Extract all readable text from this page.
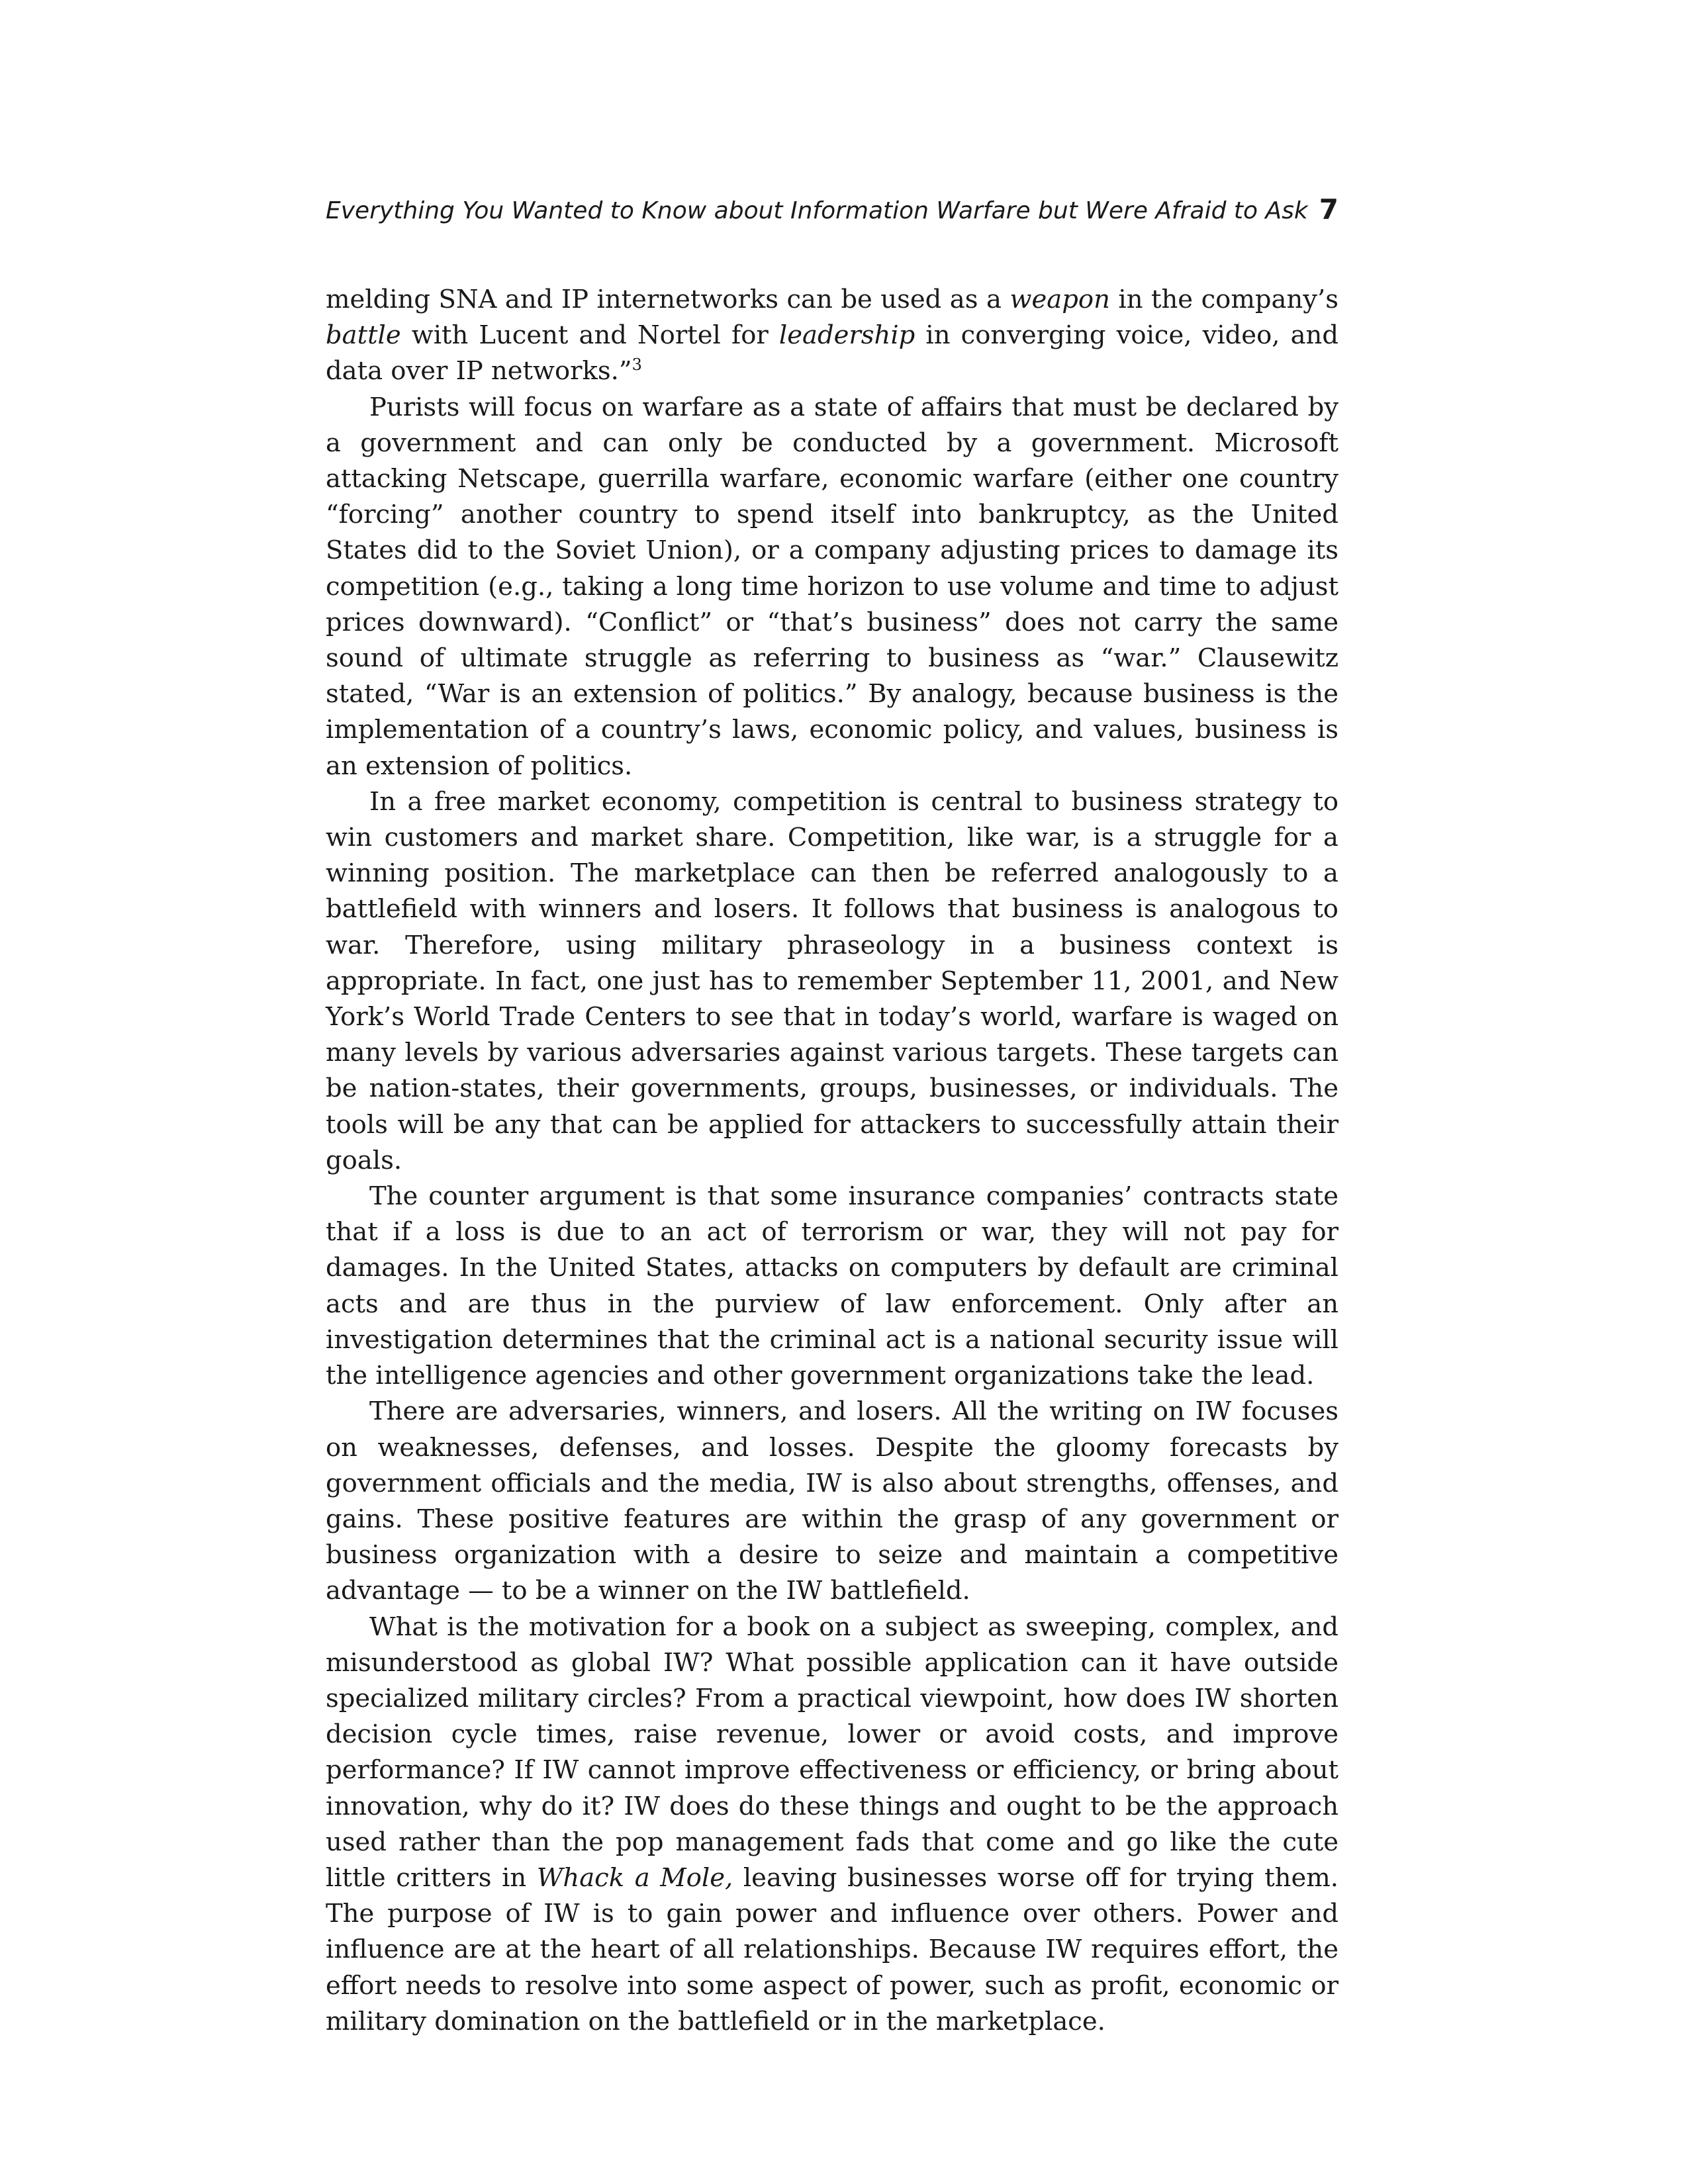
Everything You Wanted to Know about Information Warfare but Were Afraid to Ask 7

melding SNA and IP internetworks can be used as a weapon in the company’s battle with Lucent and Nortel for leadership in converging voice, video, and data over IP networks.”$^3$

Purists will focus on warfare as a state of affairs that must be declared by a government and can only be conducted by a government. Microsoft attacking Netscape, guerrilla warfare, economic warfare (either one country “forcing” another country to spend itself into bankruptcy, as the United States did to the Soviet Union), or a company adjusting prices to damage its competition (e.g., taking a long time horizon to use volume and time to adjust prices downward). “Conflict” or “that’s business” does not carry the same sound of ultimate struggle as referring to business as “war.” Clausewitz stated, “War is an extension of politics.” By analogy, because business is the implementation of a country’s laws, economic policy, and values, business is an extension of politics.

In a free market economy, competition is central to business strategy to win customers and market share. Competition, like war, is a struggle for a winning position. The marketplace can then be referred analogously to a battlefield with winners and losers. It follows that business is analogous to war. Therefore, using military phraseology in a business context is appropriate. In fact, one just has to remember September 11, 2001, and New York’s World Trade Centers to see that in today’s world, warfare is waged on many levels by various adversaries against various targets. These targets can be nation-states, their governments, groups, businesses, or individuals. The tools will be any that can be applied for attackers to successfully attain their goals.

The counter argument is that some insurance companies’ contracts state that if a loss is due to an act of terrorism or war, they will not pay for damages. In the United States, attacks on computers by default are criminal acts and are thus in the purview of law enforcement. Only after an investigation determines that the criminal act is a national security issue will the intelligence agencies and other government organizations take the lead.

There are adversaries, winners, and losers. All the writing on IW focuses on weaknesses, defenses, and losses. Despite the gloomy forecasts by government officials and the media, IW is also about strengths, offenses, and gains. These positive features are within the grasp of any government or business organization with a desire to seize and maintain a competitive advantage — to be a winner on the IW battlefield.

What is the motivation for a book on a subject as sweeping, complex, and misunderstood as global IW? What possible application can it have outside specialized military circles? From a practical viewpoint, how does IW shorten decision cycle times, raise revenue, lower or avoid costs, and improve performance? If IW cannot improve effectiveness or efficiency, or bring about innovation, why do it? IW does do these things and ought to be the approach used rather than the pop management fads that come and go like the cute little critters in Whack a Mole, leaving businesses worse off for trying them. The purpose of IW is to gain power and influence over others. Power and influence are at the heart of all relationships. Because IW requires effort, the effort needs to resolve into some aspect of power, such as profit, economic or military domination on the battlefield or in the marketplace.
